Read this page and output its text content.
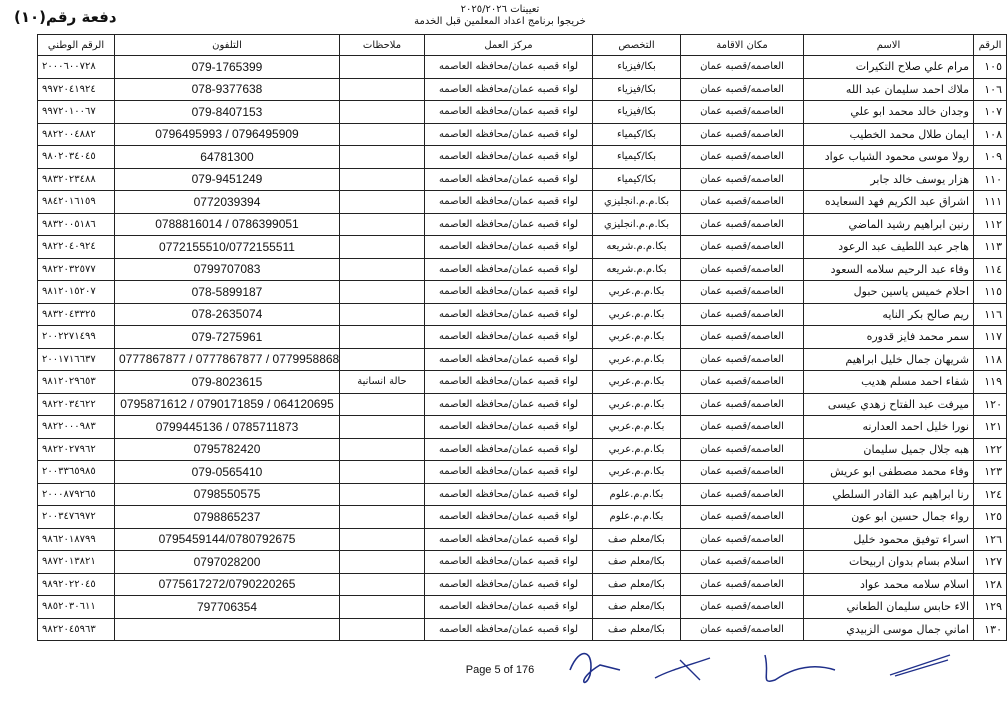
دفعة رقم(١٠)	تعيينات ٢٠٢٥/٢٠٢٦
خريجوا برنامج اعداد المعلمين قبل الخدمة
الرقم	الاسم	مكان الاقامة	التخصص	مركز العمل	ملاحظات	التلفون	الرقم الوطني
١٠٥	مرام علي صلاح التكيرات	العاصمه/قصبه عمان	بكا/فيزياء	لواء قصبه عمان/محافظه العاصمه		079-1765399	٢٠٠٠٦٠٠٧٢٨
١٠٦	ملاك احمد سليمان عبد الله	العاصمه/قصبه عمان	بكا/فيزياء	لواء قصبه عمان/محافظه العاصمه		078-9377638	٩٩٧٢٠٤١٩٢٤
١٠٧	وجدان خالد محمد ابو علي	العاصمه/قصبه عمان	بكا/فيزياء	لواء قصبه عمان/محافظه العاصمه		079-8407153	٩٩٧٢٠١٠٠٦٧
١٠٨	ايمان طلال محمد الخطيب	العاصمه/قصبه عمان	بكا/كيمياء	لواء قصبه عمان/محافظه العاصمه		0796495993 / 0796495909	٩٨٢٢٠٠٤٨٨٢
١٠٩	رولا موسى محمود الشياب عواد	العاصمه/قصبه عمان	بكا/كيمياء	لواء قصبه عمان/محافظه العاصمه		64781300	٩٨٠٢٠٣٤٠٤٥
١١٠	هزار يوسف خالد جابر	العاصمه/قصبه عمان	بكا/كيمياء	لواء قصبه عمان/محافظه العاصمه		079-9451249	٩٨٣٢٠٢٣٤٨٨
١١١	اشراق عبد الكريم فهد السعايده	العاصمه/قصبه عمان	بكا.م.م.انجليزي	لواء قصبه عمان/محافظه العاصمه		0772039394	٩٨٤٢٠١٦١٥٩
١١٢	رنين ابراهيم رشيد الماضي	العاصمه/قصبه عمان	بكا.م.م.انجليزي	لواء قصبه عمان/محافظه العاصمه		0788816014 / 0786399051	٩٨٣٢٠٠٥١٨٦
١١٣	هاجر عبد اللطيف عبد الرعود	العاصمه/قصبه عمان	بكا.م.م.شريعه	لواء قصبه عمان/محافظه العاصمه		0772155510/0772155511	٩٨٢٢٠٤٠٩٢٤
١١٤	وفاء عبد الرحيم سلامه السعود	العاصمه/قصبه عمان	بكا.م.م.شريعه	لواء قصبه عمان/محافظه العاصمه		0799707083	٩٨٢٢٠٣٢٥٧٧
١١٥	احلام خميس ياسين حبول	العاصمه/قصبه عمان	بكا.م.م.عربي	لواء قصبه عمان/محافظه العاصمه		078-5899187	٩٨١٢٠١٥٢٠٧
١١٦	ريم صالح بكر النايه	العاصمه/قصبه عمان	بكا.م.م.عربي	لواء قصبه عمان/محافظه العاصمه		078-2635074	٩٨٣٢٠٤٣٣٢٥
١١٧	سمر محمد فايز قدوره	العاصمه/قصبه عمان	بكا.م.م.عربي	لواء قصبه عمان/محافظه العاصمه		079-7275961	٢٠٠٢٢٧١٤٩٩
١١٨	شريهان جمال خليل ابراهيم	العاصمه/قصبه عمان	بكا.م.م.عربي	لواء قصبه عمان/محافظه العاصمه		0777867877 / 0777867877 / 0779958868	٢٠٠١٧١٦٦٣٧
١١٩	شفاء احمد مسلم هديب	العاصمه/قصبه عمان	بكا.م.م.عربي	لواء قصبه عمان/محافظه العاصمه	حالة انسانية	079-8023615	٩٨١٢٠٢٩٦٥٣
١٢٠	ميرفت عبد الفتاح زهدي عيسى	العاصمه/قصبه عمان	بكا.م.م.عربي	لواء قصبه عمان/محافظه العاصمه		0795871612 / 0790171859 / 064120695	٩٨٢٢٠٣٤٦٢٢
١٢١	نورا خليل احمد العدارنه	العاصمه/قصبه عمان	بكا.م.م.عربي	لواء قصبه عمان/محافظه العاصمه		0799445136 / 0785711873	٩٨٢٢٠٠٠٩٨٣
١٢٢	هبه جلال جميل سليمان	العاصمه/قصبه عمان	بكا.م.م.عربي	لواء قصبه عمان/محافظه العاصمه		0795782420	٩٨٢٢٠٢٧٩٦٢
١٢٣	وفاء محمد مصطفى ابو عريش	العاصمه/قصبه عمان	بكا.م.م.عربي	لواء قصبه عمان/محافظه العاصمه		079-0565410	٢٠٠٣٣٦٥٩٨٥
١٢٤	رنا ابراهيم عبد القادر السلطي	العاصمه/قصبه عمان	بكا.م.م.علوم	لواء قصبه عمان/محافظه العاصمه		0798550575	٢٠٠٠٨٧٩٢٦٥
١٢٥	رواء جمال حسين ابو عون	العاصمه/قصبه عمان	بكا.م.م.علوم	لواء قصبه عمان/محافظه العاصمه		0798865237	٢٠٠٣٤٧٦٩٧٢
١٢٦	اسراء توفيق محمود خليل	العاصمه/قصبه عمان	بكا/معلم صف	لواء قصبه عمان/محافظه العاصمه		0795459144/0780792675	٩٨٦٢٠١٨٧٩٩
١٢٧	اسلام بسام بدوان اربيحات	العاصمه/قصبه عمان	بكا/معلم صف	لواء قصبه عمان/محافظه العاصمه		0797028200	٩٨٧٢٠١٣٨٢١
١٢٨	اسلام سلامه محمد عواد	العاصمه/قصبه عمان	بكا/معلم صف	لواء قصبه عمان/محافظه العاصمه		0775617272/0790220265	٩٨٩٢٠٢٢٠٤٥
١٢٩	الاء حابس سليمان الطعاني	العاصمه/قصبه عمان	بكا/معلم صف	لواء قصبه عمان/محافظه العاصمه		797706354	٩٨٥٢٠٣٠٦١١
١٣٠	اماني جمال موسى الزبيدي	العاصمه/قصبه عمان	بكا/معلم صف	لواء قصبه عمان/محافظه العاصمه			٩٨٢٢٠٤٥٩٦٣
Page 5 of 176
